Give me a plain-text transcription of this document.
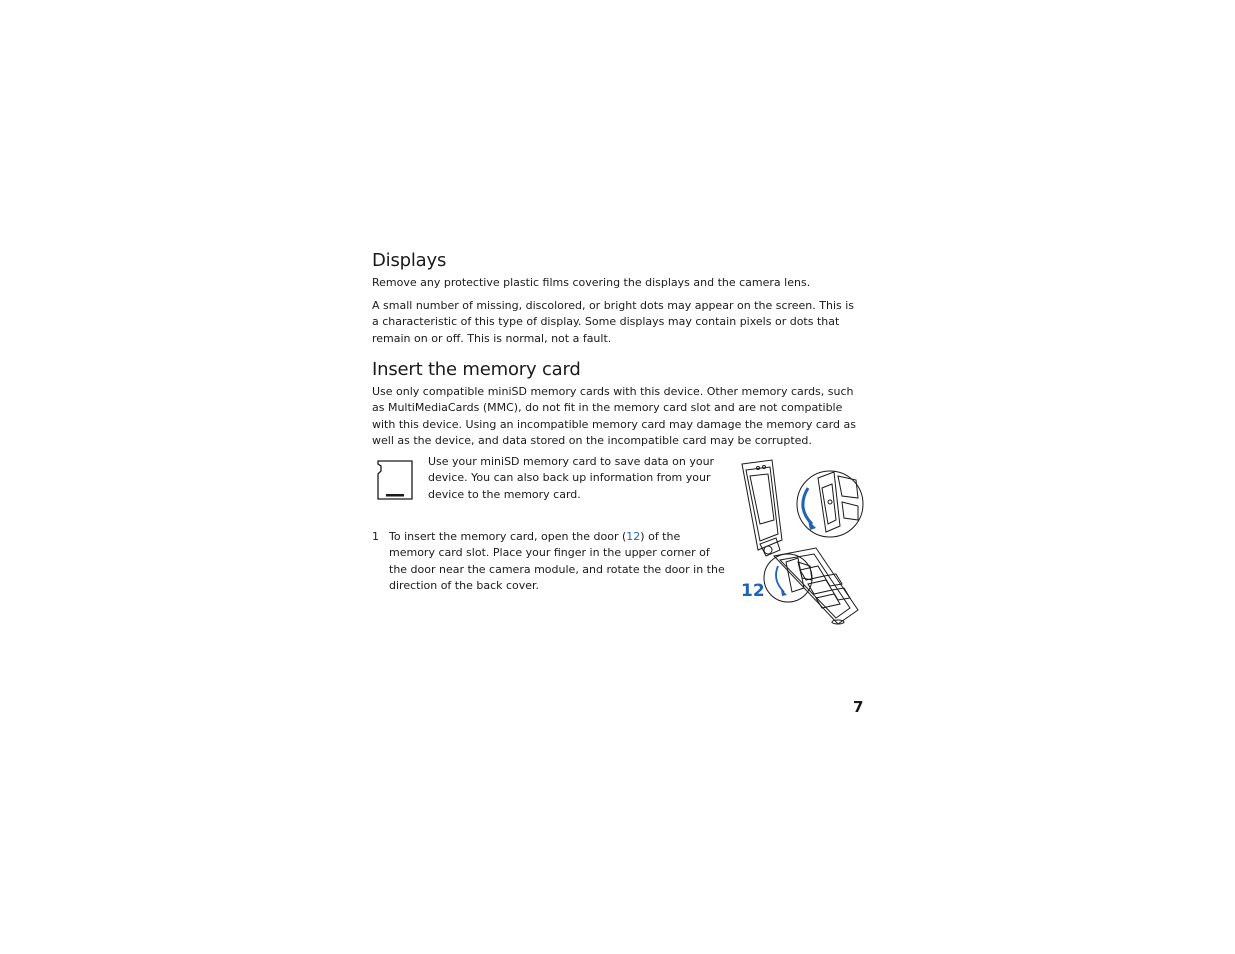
Displays

Remove any protective plastic films covering the displays and the camera lens.

A small number of missing, discolored, or bright dots may appear on the screen. This is a characteristic of this type of display. Some displays may contain pixels or dots that remain on or off. This is normal, not a fault.

Insert the memory card

Use only compatible miniSD memory cards with this device. Other memory cards, such as MultiMediaCards (MMC), do not fit in the memory card slot and are not compatible with this device. Using an incompatible memory card may damage the memory card as well as the device, and data stored on the incompatible card may be corrupted.

Use your miniSD memory card to save data on your device. You can also back up information from your device to the memory card.

1 To insert the memory card, open the door (12) of the memory card slot. Place your finger in the upper corner of the door near the camera module, and rotate the door in the direction of the back cover.	12
7
